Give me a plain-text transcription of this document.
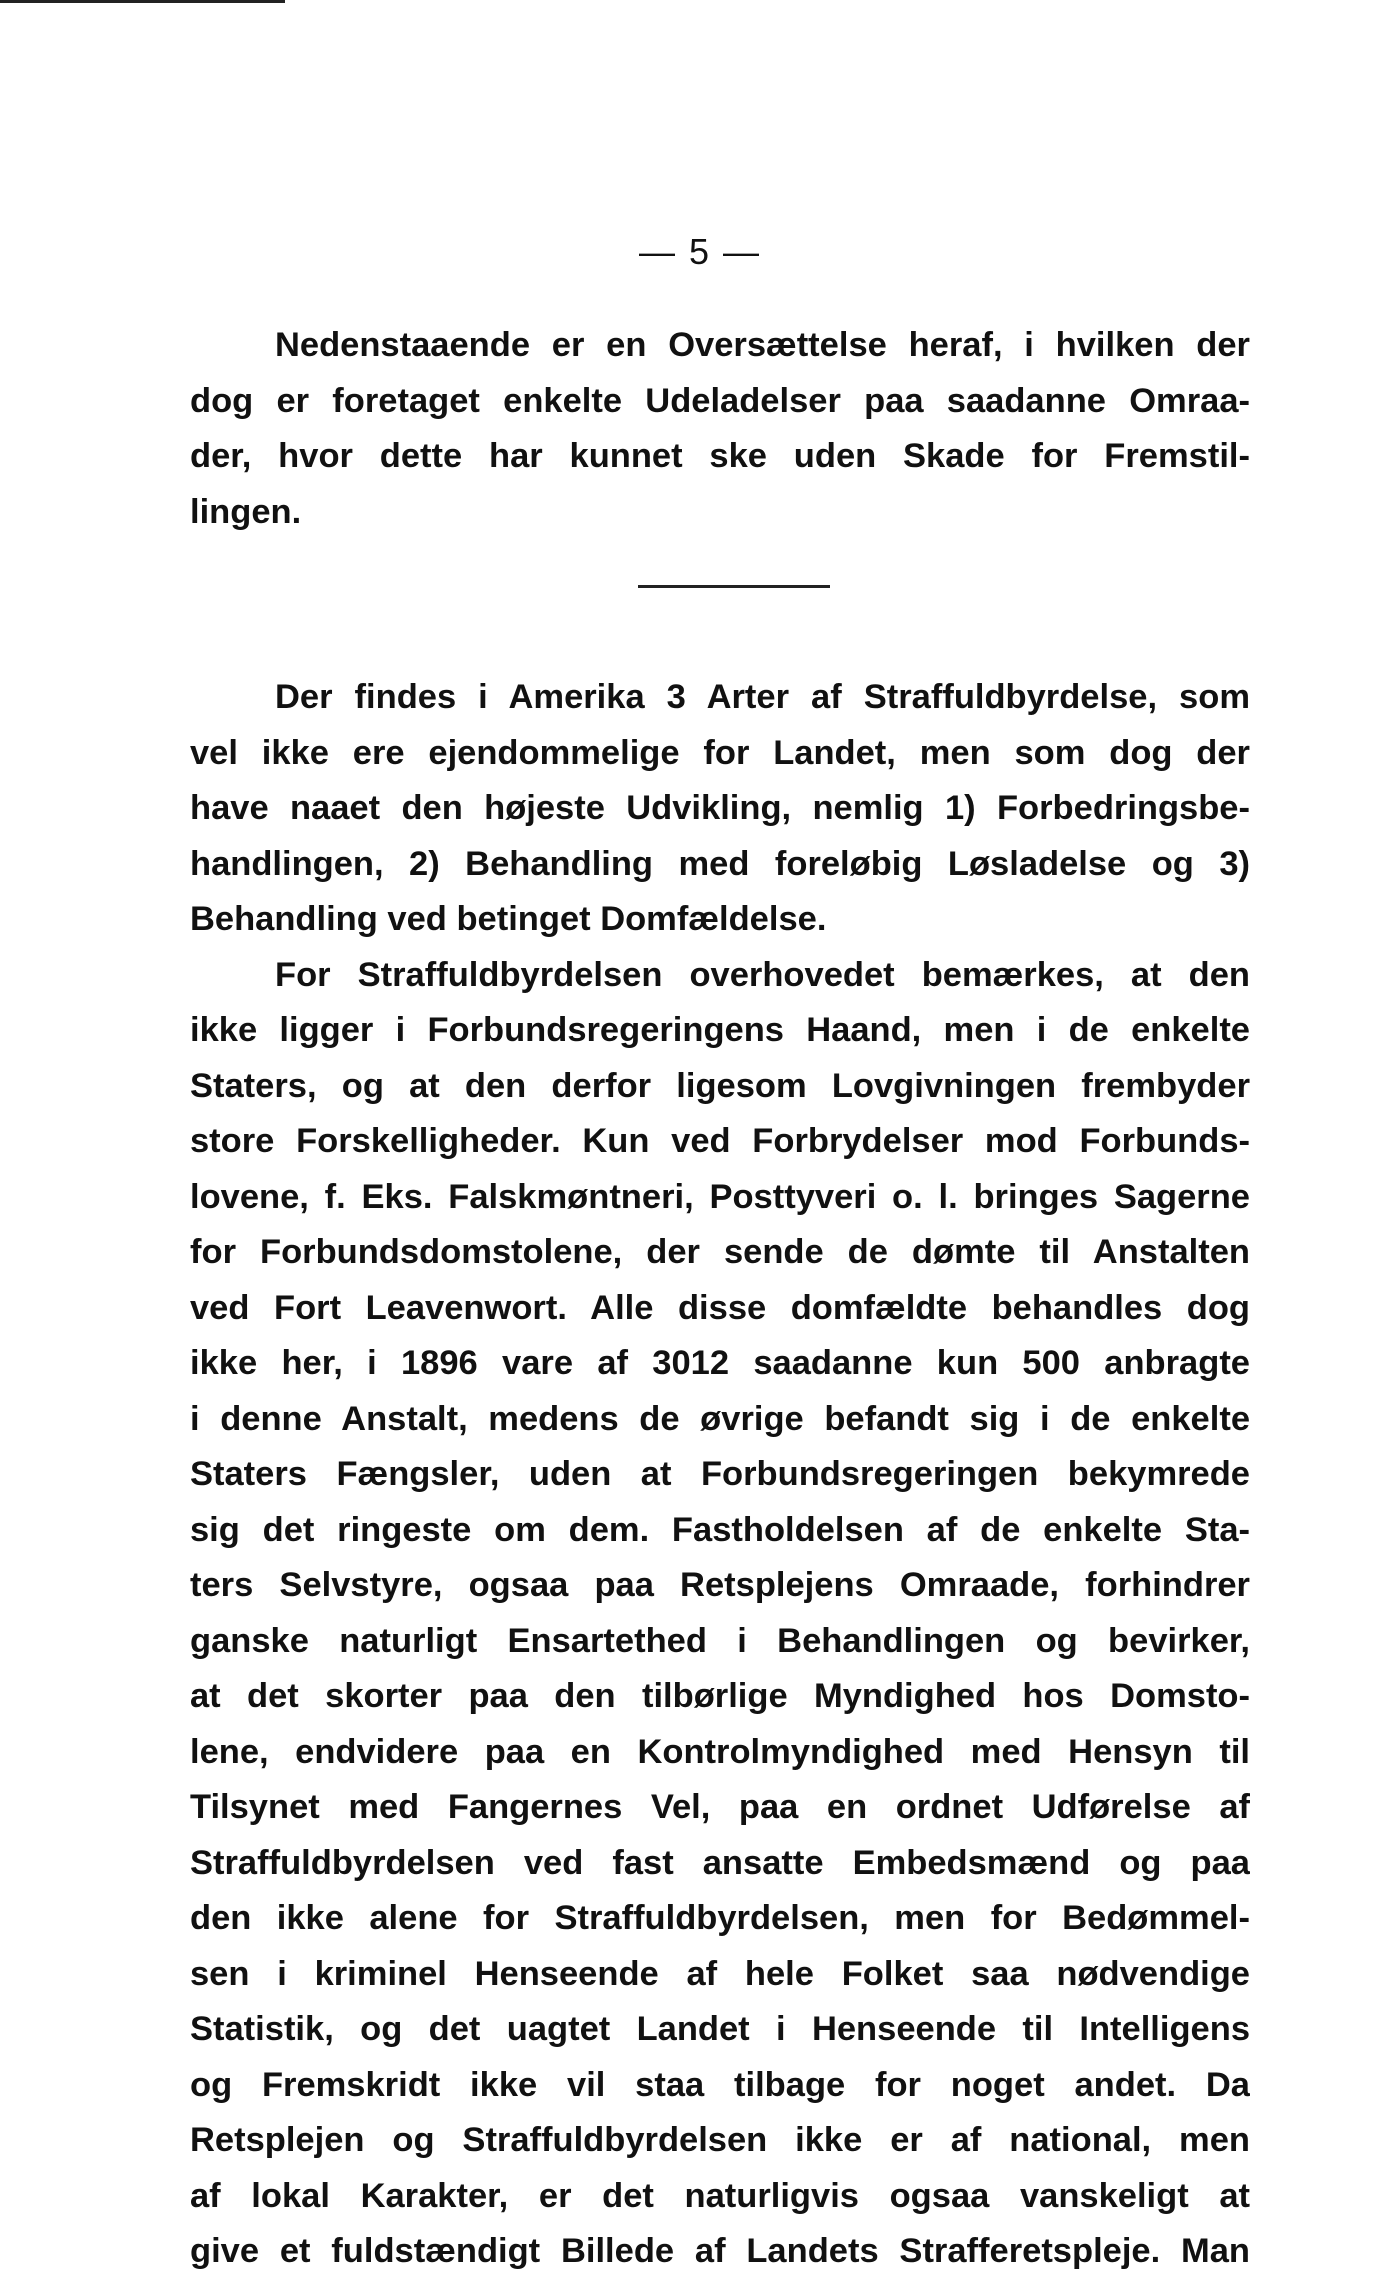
— 5 —
Nedenstaaende er en Oversættelse heraf, i hvilken der
dog er foretaget enkelte Udeladelser paa saadanne Omraa-
der, hvor dette har kunnet ske uden Skade for Fremstil-
lingen.
Der findes i Amerika 3 Arter af Straffuldbyrdelse, som
vel ikke ere ejendommelige for Landet, men som dog der
have naaet den højeste Udvikling, nemlig 1) Forbedringsbe-
handlingen, 2) Behandling med foreløbig Løsladelse og 3)
Behandling ved betinget Domfældelse.
For Straffuldbyrdelsen overhovedet bemærkes, at den
ikke ligger i Forbundsregeringens Haand, men i de enkelte
Staters, og at den derfor ligesom Lovgivningen frembyder
store Forskelligheder. Kun ved Forbrydelser mod Forbunds-
lovene, f. Eks. Falskmøntneri, Posttyveri o. l. bringes Sagerne
for Forbundsdomstolene, der sende de dømte til Anstalten
ved Fort Leavenwort. Alle disse domfældte behandles dog
ikke her, i 1896 vare af 3012 saadanne kun 500 anbragte
i denne Anstalt, medens de øvrige befandt sig i de enkelte
Staters Fængsler, uden at Forbundsregeringen bekymrede
sig det ringeste om dem. Fastholdelsen af de enkelte Sta-
ters Selvstyre, ogsaa paa Retsplejens Omraade, forhindrer
ganske naturligt Ensartethed i Behandlingen og bevirker,
at det skorter paa den tilbørlige Myndighed hos Domsto-
lene, endvidere paa en Kontrolmyndighed med Hensyn til
Tilsynet med Fangernes Vel, paa en ordnet Udførelse af
Straffuldbyrdelsen ved fast ansatte Embedsmænd og paa
den ikke alene for Straffuldbyrdelsen, men for Bedømmel-
sen i kriminel Henseende af hele Folket saa nødvendige
Statistik, og det uagtet Landet i Henseende til Intelligens
og Fremskridt ikke vil staa tilbage for noget andet. Da
Retsplejen og Straffuldbyrdelsen ikke er af national, men
af lokal Karakter, er det naturligvis ogsaa vanskeligt at
give et fuldstændigt Billede af Landets Strafferetspleje. Man
